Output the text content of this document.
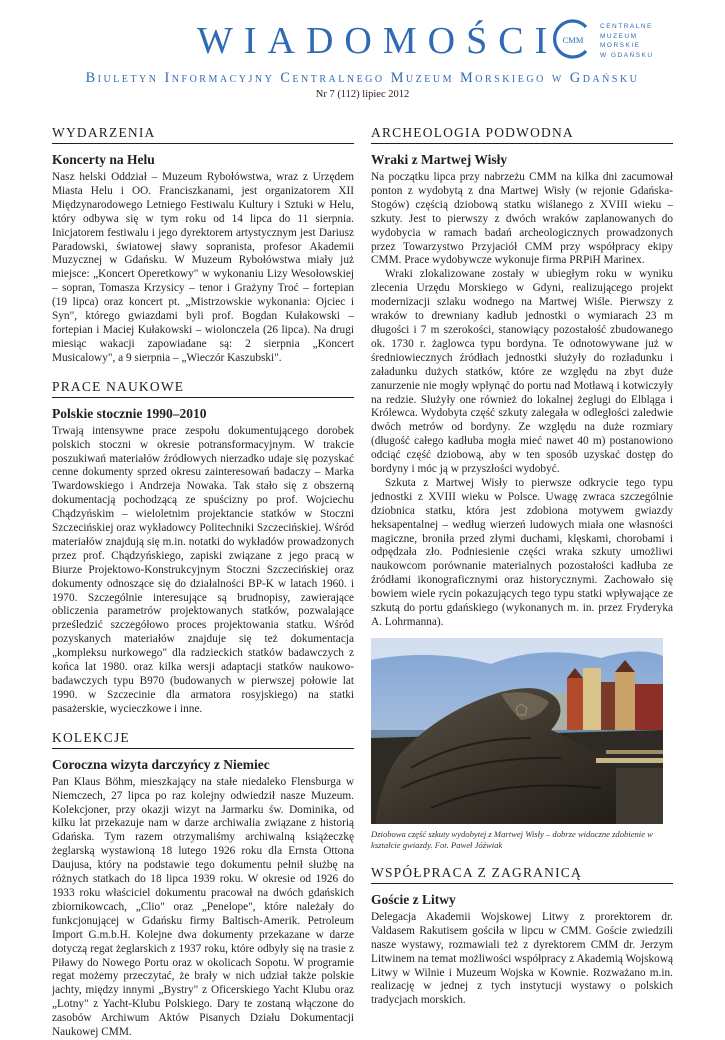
WIADOMOŚCI CMM
CENTRALNE
MUZEUM
MORSKIE
W GDAŃSKU
Biuletyn Informacyjny Centralnego Muzeum Morskiego w Gdańsku
Nr 7 (112) lipiec 2012
WYDARZENIA
Koncerty na Helu

Nasz helski Oddział – Muzeum Rybołówstwa, wraz z Urzędem Miasta Helu i OO. Franciszkanami, jest organizatorem XII Międzynarodowego Letniego Festiwalu Kultury i Sztuki w Helu, który odbywa się w tym roku od 14 lipca do 11 sierpnia. Inicjatorem festiwalu i jego dyrektorem artystycznym jest Dariusz Paradowski, światowej sławy sopranista, profesor Akademii Muzycznej w Gdańsku. W Muzeum Rybołówstwa miały już miejsce: „Koncert Operetkowy" w wykonaniu Lizy Wesołowskiej – sopran, Tomasza Krzysicy – tenor i Grażyny Troć – fortepian (19 lipca) oraz koncert pt. „Mistrzowskie wykonania: Ojciec i Syn", którego gwiazdami byli prof. Bogdan Kułakowski – fortepian i Maciej Kułakowski – wiolonczela (26 lipca). Na drugi miesiąc wakacji zapowiadane są: 2 sierpnia „Koncert Musicalowy", a 9 sierpnia – „Wieczór Kaszubski".

PRACE NAUKOWE
Polskie stocznie 1990–2010

Trwają intensywne prace zespołu dokumentującego dorobek polskich stoczni w okresie potransformacyjnym. W trakcie poszukiwań materiałów źródłowych nierzadko udaje się pozyskać cenne dokumenty sprzed okresu zainteresowań badaczy – Marka Twardowskiego i Andrzeja Nowaka. Tak stało się z obszerną dokumentacją pochodzącą ze spuścizny po prof. Wojciechu Chądzyńskim – wieloletnim projektancie statków w Stoczni Szczecińskiej oraz wykładowcy Politechniki Szczecińskiej. Wśród materiałów znajdują się m.in. notatki do wykładów prowadzonych przez prof. Chądzyńskiego, zapiski związane z jego pracą w Biurze Projektowo-Konstrukcyjnym Stoczni Szczecińskiej oraz dokumenty odnoszące się do działalności BP-K w latach 1960. i 1970. Szczególnie interesujące są brudnopisy, zawierające obliczenia parametrów projektowanych statków, pozwalające prześledzić szczegółowo proces projektowania statku. Wśród pozyskanych materiałów znajduje się też dokumentacja „kompleksu nurkowego" dla radzieckich statków badawczych z końca lat 1980. oraz kilka wersji adaptacji statków naukowo-badawczych typu B970 (budowanych w pierwszej połowie lat 1990. w Szczecinie dla armatora rosyjskiego) na statki pasażerskie, wycieczkowe i inne.

KOLEKCJE
Coroczna wizyta darczyńcy z Niemiec

Pan Klaus Böhm, mieszkający na stałe niedaleko Flensburga w Niemczech, 27 lipca po raz kolejny odwiedził nasze Muzeum. Kolekcjoner, przy okazji wizyt na Jarmarku św. Dominika, od kilku lat przekazuje nam w darze archiwalia związane z historią Gdańska. Tym razem otrzymaliśmy archiwalną książeczkę żeglarską wystawioną 18 lutego 1926 roku dla Ernsta Ottona Daujusa, który na podstawie tego dokumentu pełnił służbę na różnych statkach do 18 lipca 1939 roku. W okresie od 1926 do 1933 roku właściciel dokumentu pracował na dwóch gdańskich zbiornikowcach, „Clio" oraz „Penelope", które należały do funkcjonującej w Gdańsku firmy Baltisch-Amerik. Petroleum Import G.m.b.H. Kolejne dwa dokumenty przekazane w darze dotyczą regat żeglarskich z 1937 roku, które odbyły się na trasie z Piławy do Nowego Portu oraz w okolicach Sopotu. W programie regat możemy przeczytać, że brały w nich udział także polskie jachty, między innymi „Bystry" z Oficerskiego Yacht Klubu oraz „Lotny" z Yacht-Klubu Polskiego. Dary te zostaną włączone do zasobów Archiwum Aktów Pisanych Działu Dokumentacji Naukowej CMM.

ARCHEOLOGIA PODWODNA
Wraki z Martwej Wisły

Na początku lipca przy nabrzeżu CMM na kilka dni zacumował ponton z wydobytą z dna Martwej Wisły (w rejonie Gdańska-Stogów) częścią dziobową statku wiślanego z XVIII wieku – szkuty. Jest to pierwszy z dwóch wraków zaplanowanych do wydobycia w ramach badań archeologicznych prowadzonych przez Towarzystwo Przyjaciół CMM przy współpracy ekipy CMM. Prace wydobywcze wykonuje firma PRPiH Marinex.

Wraki zlokalizowane zostały w ubiegłym roku w wyniku zlecenia Urzędu Morskiego w Gdyni, realizującego projekt modernizacji szlaku wodnego na Martwej Wiśle. Pierwszy z wraków to drewniany kadłub jednostki o wymiarach 23 m długości i 7 m szerokości, stanowiący pozostałość zbudowanego ok. 1730 r. żaglowca typu bordyna. Te odnotowywane już w średniowiecznych źródłach jednostki służyły do rozładunku i załadunku dużych statków, które ze względu na zbyt duże zanurzenie nie mogły wpłynąć do portu nad Motławą i kotwiczyły na redzie. Służyły one również do lokalnej żeglugi do Elbląga i Królewca. Wydobyta część szkuty zalegała w odległości zaledwie dwóch metrów od bordyny. Ze względu na duże rozmiary (długość całego kadłuba mogła mieć nawet 40 m) postanowiono odciąć część dziobową, aby w ten sposób uzyskać dostęp do bordyny i móc ją w przyszłości wydobyć.

Szkuta z Martwej Wisły to pierwsze odkrycie tego typu jednostki z XVIII wieku w Polsce. Uwagę zwraca szczególnie dziobnica statku, która jest zdobiona motywem gwiazdy heksapentalnej – według wierzeń ludowych miała one własności magiczne, broniła przed złymi duchami, klęskami, chorobami i odpędzała zło. Podniesienie części wraka szkuty umożliwi naukowcom porównanie materialnych pozostałości kadłuba ze źródłami ikonograficznymi oraz historycznymi. Zachowało się bowiem wiele rycin pokazujących tego typu statki wpływające ze szkutą do portu gdańskiego (wykonanych m. in. przez Fryderyka A. Lohrmanna).

Dziobowa część szkuty wydobytej z Martwej Wisły – dobrze widoczne zdobienie w kształcie gwiazdy. Fot. Paweł Jóźwiak
WSPÓŁPRACA Z ZAGRANICĄ
Goście z Litwy

Delegacja Akademii Wojskowej Litwy z prorektorem dr. Valdasem Rakutisem gościła w lipcu w CMM. Goście zwiedzili nasze wystawy, rozmawiali też z dyrektorem CMM dr. Jerzym Litwinem na temat możliwości współpracy z Akademią Wojskową Litwy w Wilnie i Muzeum Wojska w Kownie. Rozważano m.in. realizację w jednej z tych instytucji wystawy o polskich tradycjach morskich.
